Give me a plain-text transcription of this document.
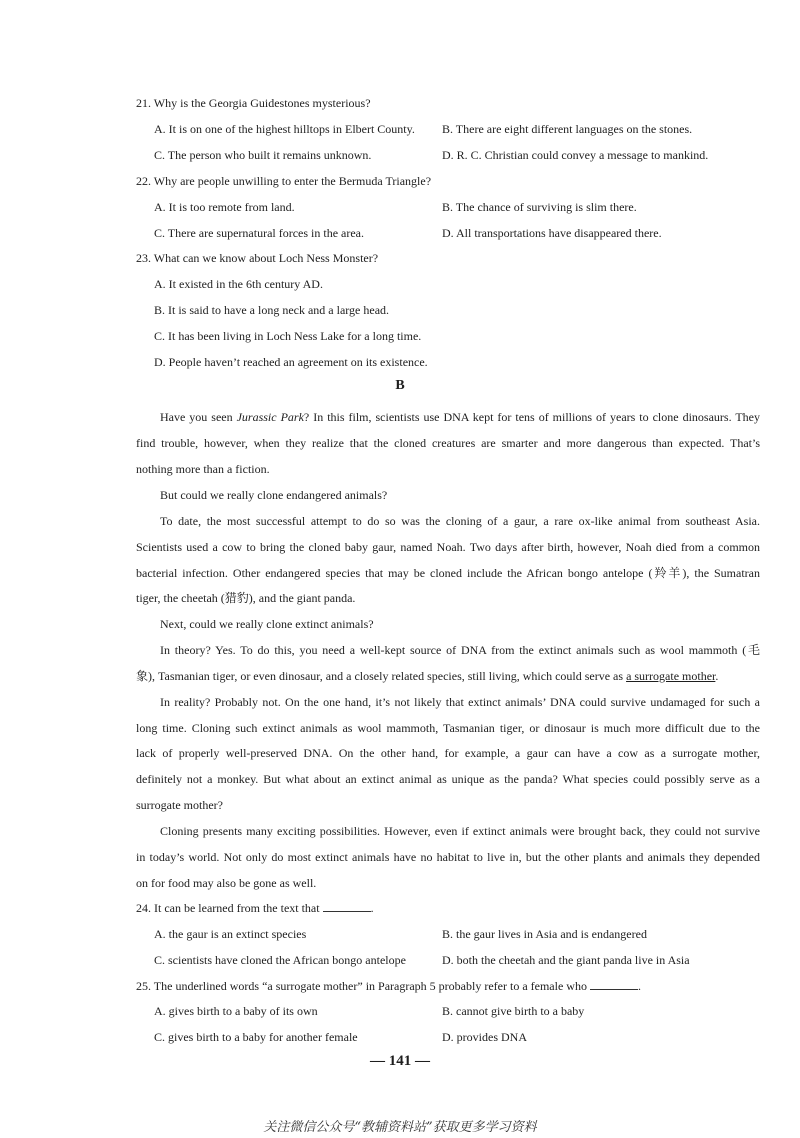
21. Why is the Georgia Guidestones mysterious?
A. It is on one of the highest hilltops in Elbert County. B. There are eight different languages on the stones.
C. The person who built it remains unknown.	D. R. C. Christian could convey a message to mankind.
22. Why are people unwilling to enter the Bermuda Triangle?
A. It is too remote from land.	B. The chance of surviving is slim there.
C. There are supernatural forces in the area.	D. All transportations have disappeared there.
23. What can we know about Loch Ness Monster?
A. It existed in the 6th century AD.
B. It is said to have a long neck and a large head.
C. It has been living in Loch Ness Lake for a long time.
D. People haven’t reached an agreement on its existence.
B
Have you seen Jurassic Park? In this film, scientists use DNA kept for tens of millions of years to clone dinosaurs. They
find trouble, however, when they realize that the cloned creatures are smarter and more dangerous than expected. That’s
nothing more than a fiction.
But could we really clone endangered animals?
To date, the most successful attempt to do so was the cloning of a gaur, a rare ox-like animal from southeast Asia.
Scientists used a cow to bring the cloned baby gaur, named Noah. Two days after birth, however, Noah died from a common
bacterial infection. Other endangered species that may be cloned include the African bongo antelope (羚羊), the Sumatran
tiger, the cheetah (猎豹), and the giant panda.
Next, could we really clone extinct animals?
In theory? Yes. To do this, you need a well-kept source of DNA from the extinct animals such as wool mammoth (毛
象), Tasmanian tiger, or even dinosaur, and a closely related species, still living, which could serve as a surrogate mother.
In reality? Probably not. On the one hand, it’s not likely that extinct animals’ DNA could survive undamaged for such a
long time. Cloning such extinct animals as wool mammoth, Tasmanian tiger, or dinosaur is much more difficult due to the
lack of properly well-preserved DNA. On the other hand, for example, a gaur can have a cow as a surrogate mother,
definitely not a monkey. But what about an extinct animal as unique as the panda? What species could possibly serve as a
surrogate mother?
Cloning presents many exciting possibilities. However, even if extinct animals were brought back, they could not survive
in today’s world. Not only do most extinct animals have no habitat to live in, but the other plants and animals they depended
on for food may also be gone as well.
24. It can be learned from the text that	.
A. the gaur is an extinct species	B. the gaur lives in Asia and is endangered
C. scientists have cloned the African bongo antelope	D. both the cheetah and the giant panda live in Asia
25. The underlined words “a surrogate mother” in Paragraph 5 probably refer to a female who	.
A. gives birth to a baby of its own	B. cannot give birth to a baby
C. gives birth to a baby for another female	D. provides DNA
— 141 —
关注微信公众号“教辅资料站”获取更多学习资料
